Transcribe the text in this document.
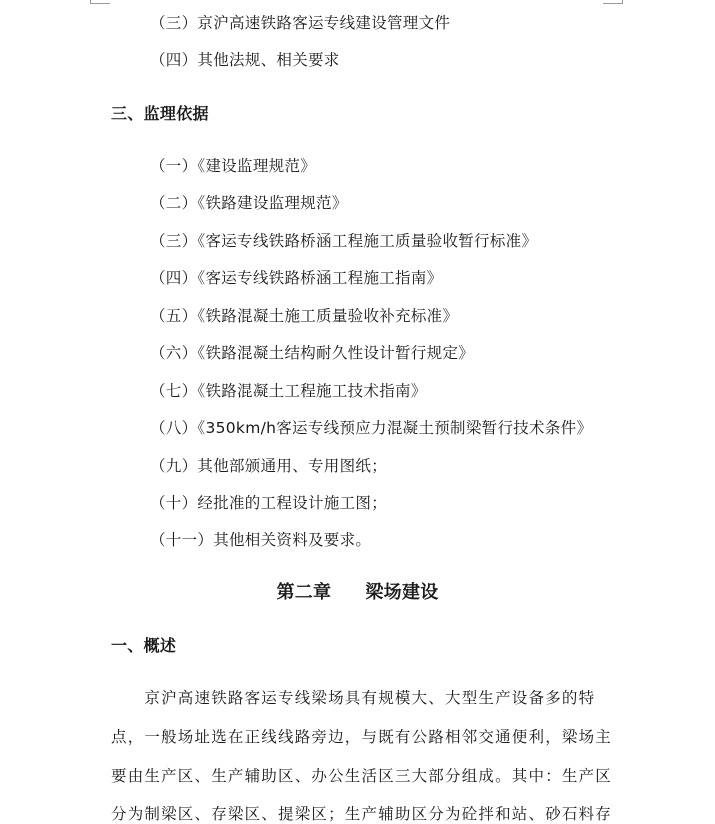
（三）京沪高速铁路客运专线建设管理文件
（四）其他法规、相关要求
三、监理依据
（一）《建设监理规范》
（二）《铁路建设监理规范》
（三）《客运专线铁路桥涵工程施工质量验收暂行标准》
（四）《客运专线铁路桥涵工程施工指南》
（五）《铁路混凝土施工质量验收补充标准》
（六）《铁路混凝土结构耐久性设计暂行规定》
（七）《铁路混凝土工程施工技术指南》
（八）《350km/h客运专线预应力混凝土预制梁暂行技术条件》
（九）其他部颁通用、专用图纸；
（十）经批准的工程设计施工图；
（十一）其他相关资料及要求。
第二章 梁场建设
一、概述
　　京沪高速铁路客运专线梁场具有规模大、大型生产设备多的特
点，一般场址选在正线线路旁边，与既有公路相邻交通便利，梁场主
要由生产区、生产辅助区、办公生活区三大部分组成。其中：生产区
分为制梁区、存梁区、提梁区；生产辅助区分为砼拌和站、砂石料存
